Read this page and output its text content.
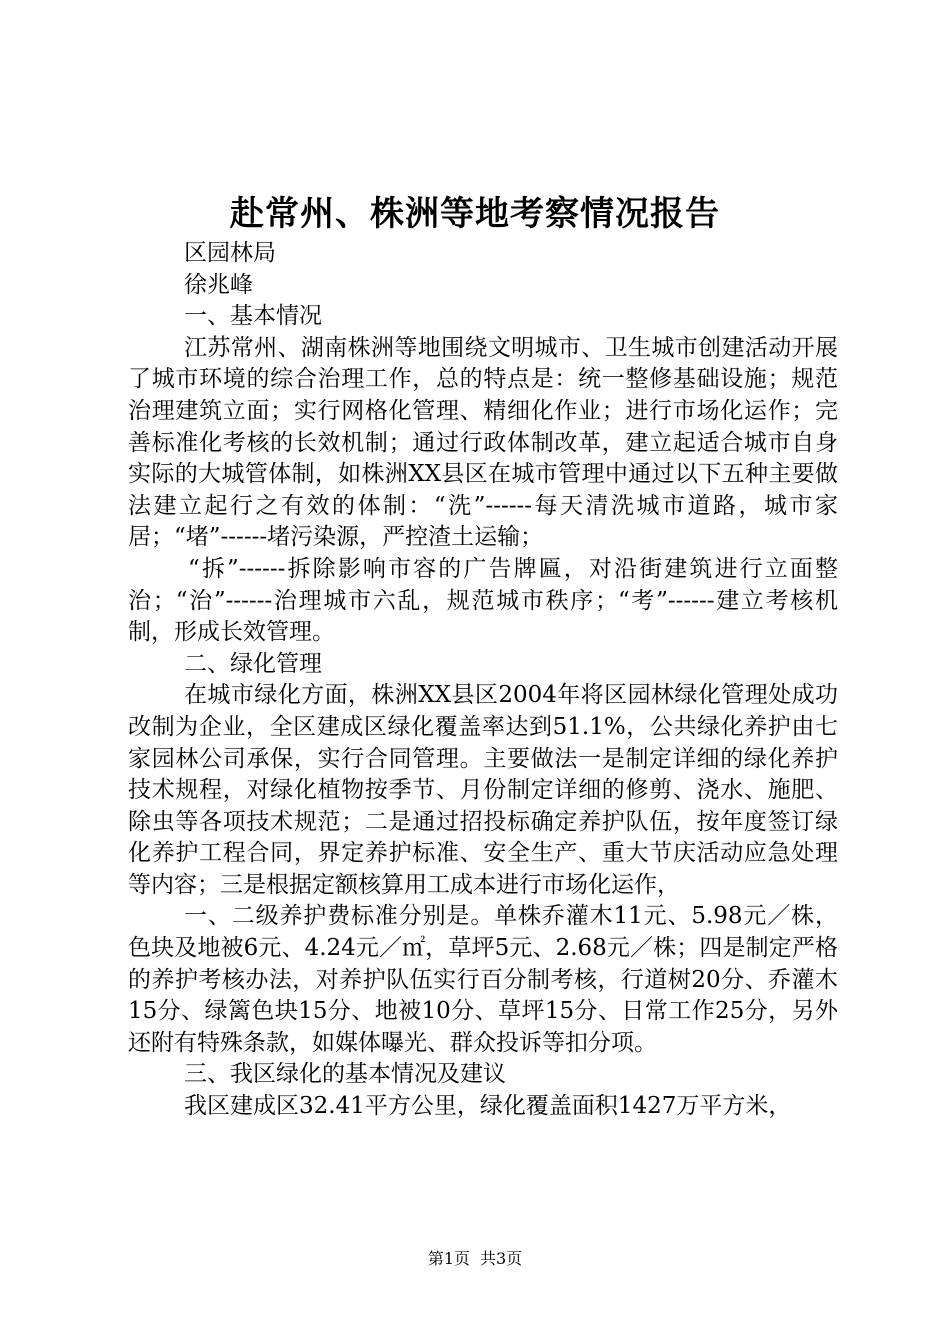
赴常州、株洲等地考察情况报告

区园林局

徐兆峰

一、基本情况

江苏常州、湖南株洲等地围绕文明城市、卫生城市创建活动开展了城市环境的综合治理工作，总的特点是：统一整修基础设施；规范治理建筑立面；实行网格化管理、精细化作业；进行市场化运作；完善标准化考核的长效机制；通过行政体制改革，建立起适合城市自身实际的大城管体制，如株洲XX县区在城市管理中通过以下五种主要做法建立起行之有效的体制：“洗”------每天清洗城市道路，城市家居；“堵”------堵污染源，严控渣土运输；

“拆”------拆除影响市容的广告牌匾，对沿街建筑进行立面整治；“治”------治理城市六乱，规范城市秩序；“考”------建立考核机制，形成长效管理。

二、绿化管理

在城市绿化方面，株洲XX县区2004年将区园林绿化管理处成功改制为企业，全区建成区绿化覆盖率达到51.1%，公共绿化养护由七家园林公司承保，实行合同管理。主要做法一是制定详细的绿化养护技术规程，对绿化植物按季节、月份制定详细的修剪、浇水、施肥、除虫等各项技术规范；二是通过招投标确定养护队伍，按年度签订绿化养护工程合同，界定养护标准、安全生产、重大节庆活动应急处理等内容；三是根据定额核算用工成本进行市场化运作，

一、二级养护费标准分别是。单株乔灌木11元、5.98元／株，色块及地被6元、4.24元／㎡，草坪5元、2.68元／株；四是制定严格的养护考核办法，对养护队伍实行百分制考核，行道树20分、乔灌木15分、绿篱色块15分、地被10分、草坪15分、日常工作25分，另外还附有特殊条款，如媒体曝光、群众投诉等扣分项。

三、我区绿化的基本情况及建议

我区建成区32.41平方公里，绿化覆盖面积1427万平方米，

第1页 共3页
